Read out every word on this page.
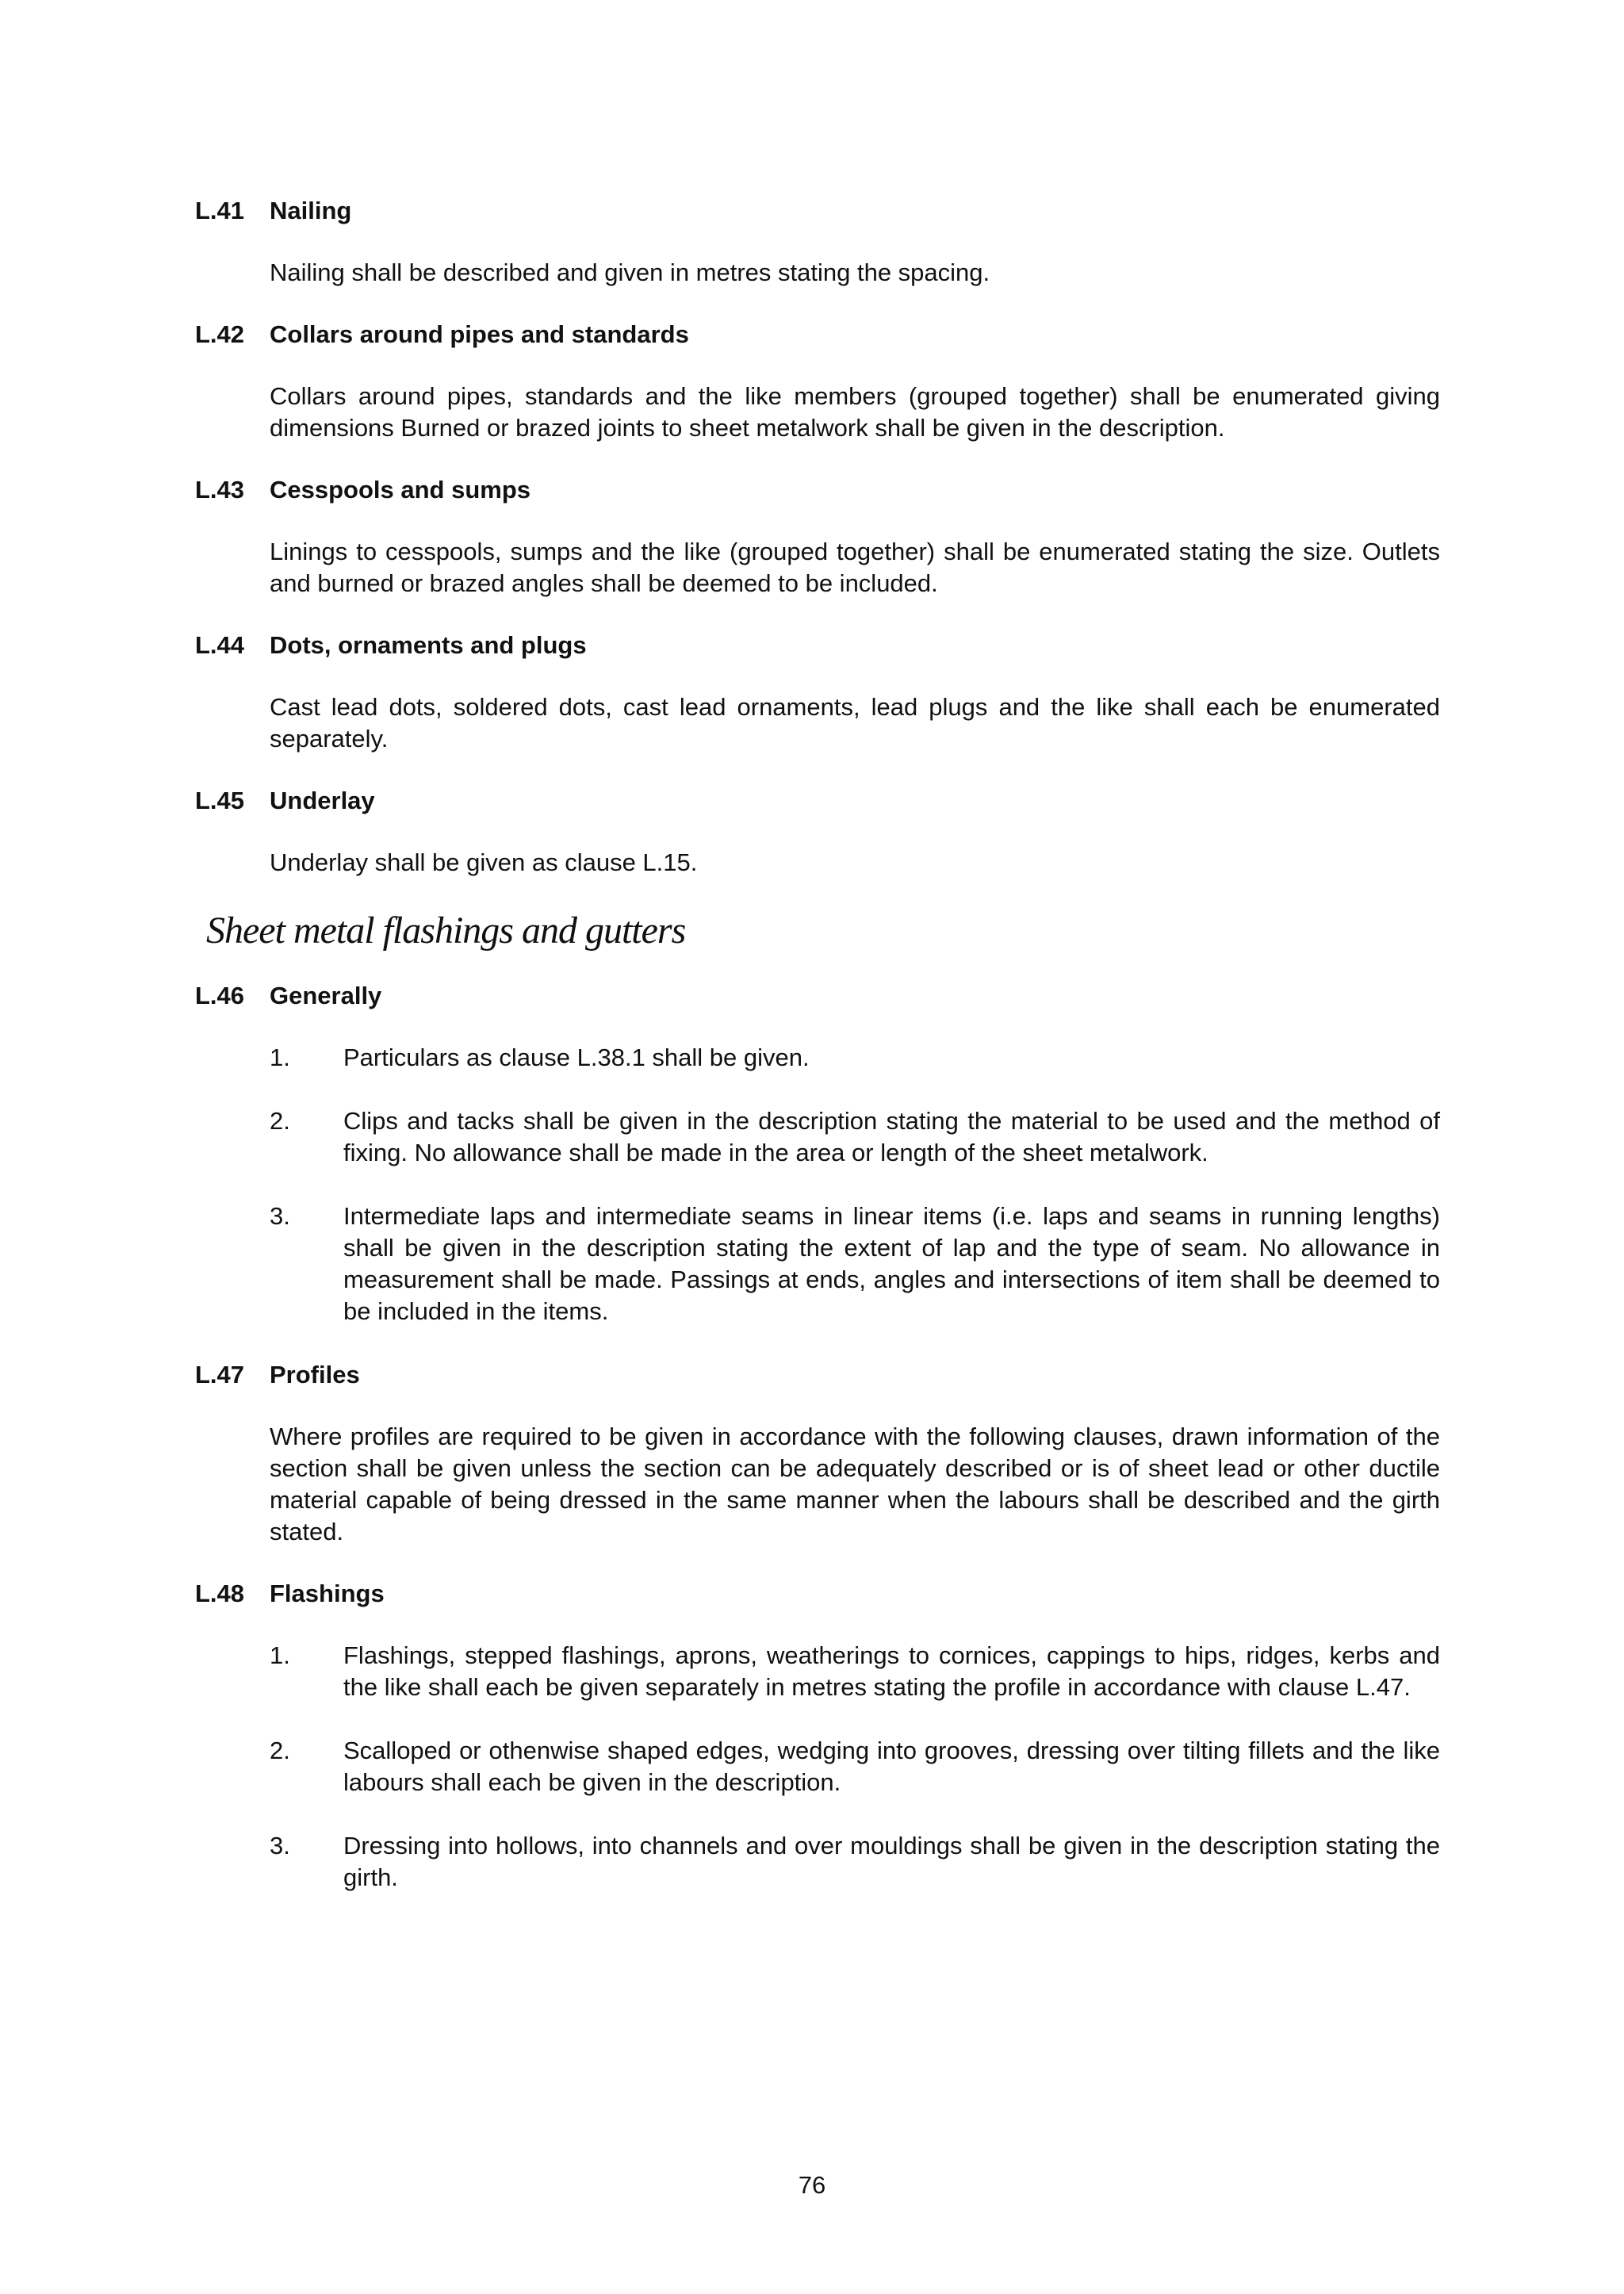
L.41	Nailing
Nailing shall be described and given in metres stating the spacing.
L.42	Collars around pipes and standards
Collars around pipes, standards and the like members (grouped together) shall be enumerated giving dimensions Burned or brazed joints to sheet metalwork shall be given in the description.
L.43	Cesspools and sumps
Linings to cesspools, sumps and the like (grouped together) shall be enumerated stating the size. Outlets and burned or brazed angles shall be deemed to be included.
L.44	Dots, ornaments and plugs
Cast lead dots, soldered dots, cast lead ornaments, lead plugs and the like shall each be enumerated separately.
L.45	Underlay
Underlay shall be given as clause L.15.
Sheet metal flashings and gutters
L.46	Generally
1.	Particulars as clause L.38.1 shall be given.
2.	Clips and tacks shall be given in the description stating the material to be used and the method of fixing. No allowance shall be made in the area or length of the sheet metalwork.
3.	Intermediate laps and intermediate seams in linear items (i.e. laps and seams in running lengths) shall be given in the description stating the extent of lap and the type of seam. No allowance in measurement shall be made. Passings at ends, angles and intersections of item shall be deemed to be included in the items.
L.47	Profiles
Where profiles are required to be given in accordance with the following clauses, drawn information of the section shall be given unless the section can be adequately described or is of sheet lead or other ductile material capable of being dressed in the same manner when the labours shall be described and the girth stated.
L.48	Flashings
1.	Flashings, stepped flashings, aprons, weatherings to cornices, cappings to hips, ridges, kerbs and the like shall each be given separately in metres stating the profile in accordance with clause L.47.
2.	Scalloped or othenwise shaped edges, wedging into grooves, dressing over tilting fillets and the like labours shall each be given in the description.
3.	Dressing into hollows, into channels and over mouldings shall be given in the description stating the girth.
76
